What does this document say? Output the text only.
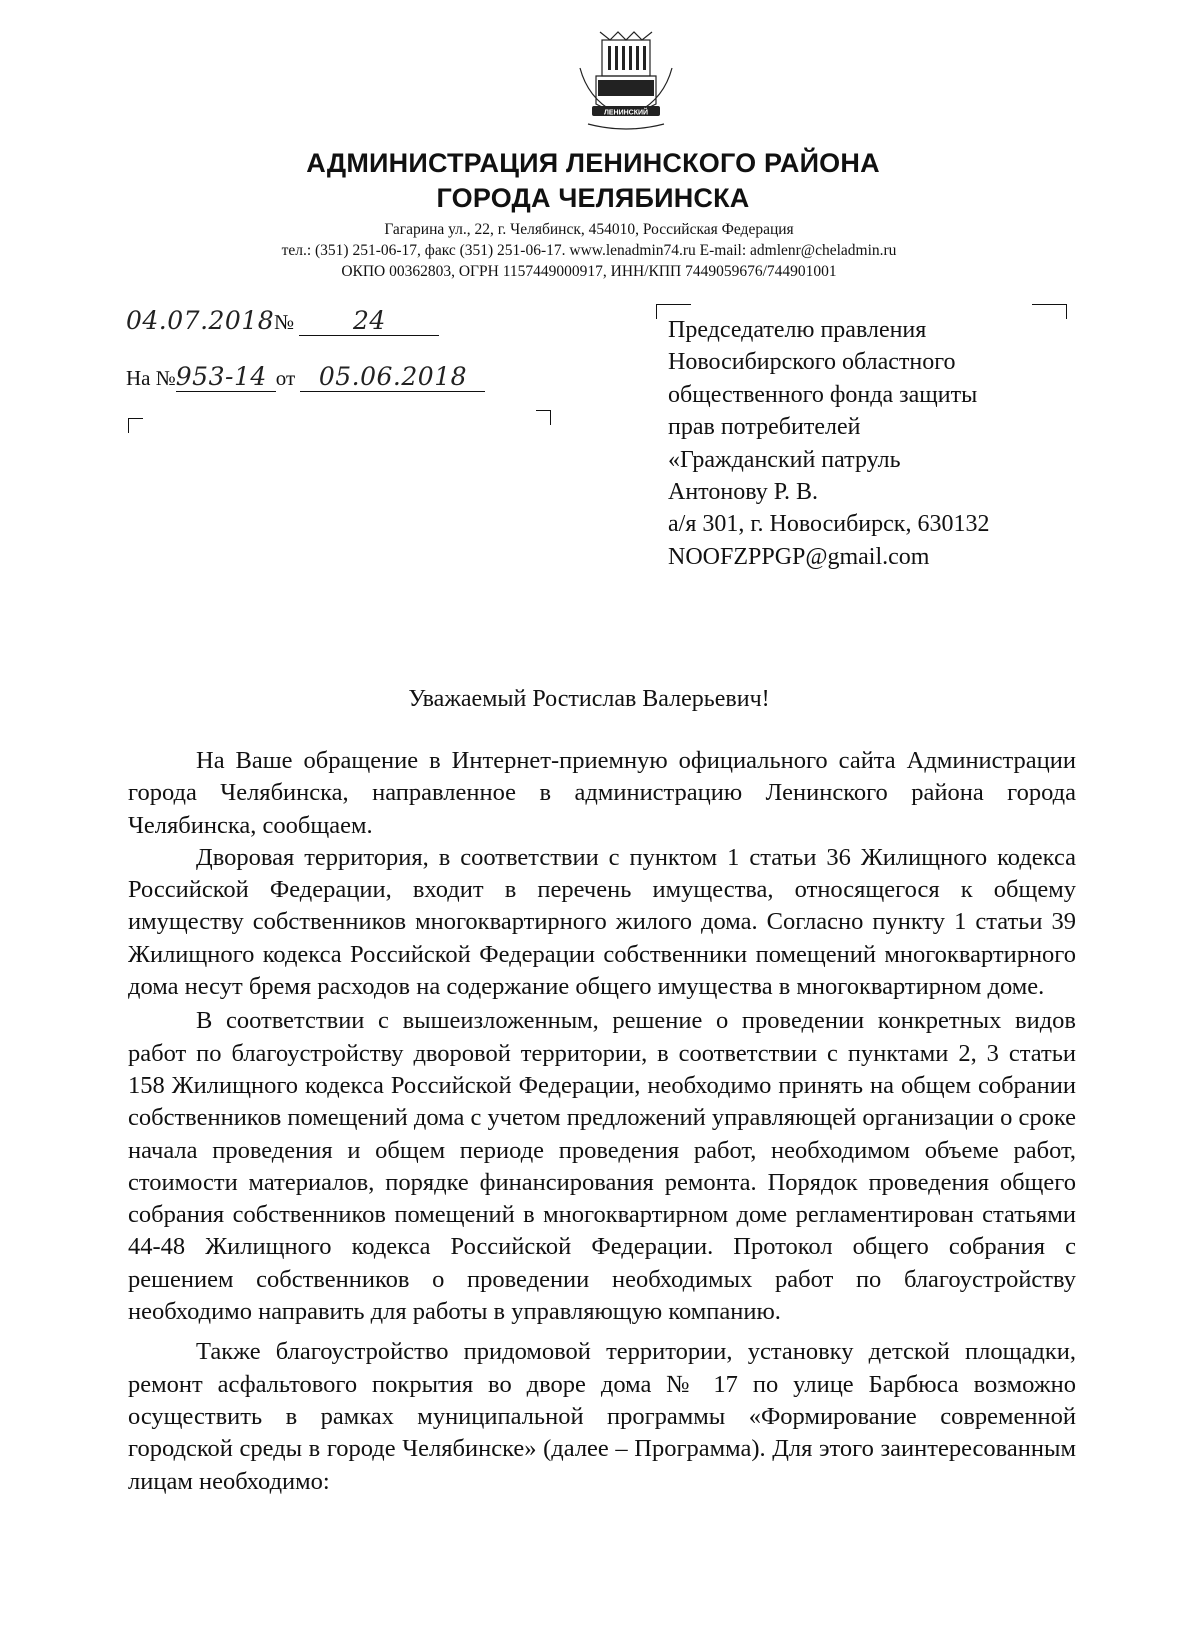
ЛЕНИНСКИЙ
АДМИНИСТРАЦИЯ ЛЕНИНСКОГО РАЙОНА
ГОРОДА ЧЕЛЯБИНСКА
Гагарина ул., 22, г. Челябинск, 454010, Российская Федерация
тел.: (351) 251-06-17, факс (351) 251-06-17. www.lenadmin74.ru E-mail: admlenr@cheladmin.ru
ОКПО 00362803, ОГРН 1157449000917, ИНН/КПП 7449059676/744901001
04.07.2018№ 24
На №953-14 от 05.06.2018
Председателю правления
Новосибирского областного
общественного фонда защиты
прав потребителей
«Гражданский патруль
Антонову Р. В.
а/я 301, г. Новосибирск, 630132
NOOFZPPGP@gmail.com
Уважаемый Ростислав Валерьевич!

На Ваше обращение в Интернет-приемную официального сайта Администрации города Челябинска, направленное в администрацию Ленинского района города Челябинска, сообщаем.

Дворовая территория, в соответствии с пунктом 1 статьи 36 Жилищного кодекса Российской Федерации, входит в перечень имущества, относящегося к общему имуществу собственников многоквартирного жилого дома. Согласно пункту 1 статьи 39 Жилищного кодекса Российской Федерации собственники помещений многоквартирного дома несут бремя расходов на содержание общего имущества в многоквартирном доме.

В соответствии с вышеизложенным, решение о проведении конкретных видов работ по благоустройству дворовой территории, в соответствии с пунктами 2, 3 статьи 158 Жилищного кодекса Российской Федерации, необходимо принять на общем собрании собственников помещений дома с учетом предложений управляющей организации о сроке начала проведения и общем периоде проведения работ, необходимом объеме работ, стоимости материалов, порядке финансирования ремонта. Порядок проведения общего собрания собственников помещений в многоквартирном доме регламентирован статьями 44-48 Жилищного кодекса Российской Федерации. Протокол общего собрания с решением собственников о проведении необходимых работ по благоустройству необходимо направить для работы в управляющую компанию.

Также благоустройство придомовой территории, установку детской площадки, ремонт асфальтового покрытия во дворе дома № 17 по улице Барбюса возможно осуществить в рамках муниципальной программы «Формирование современной городской среды в городе Челябинске» (далее – Программа). Для этого заинтересованным лицам необходимо:
